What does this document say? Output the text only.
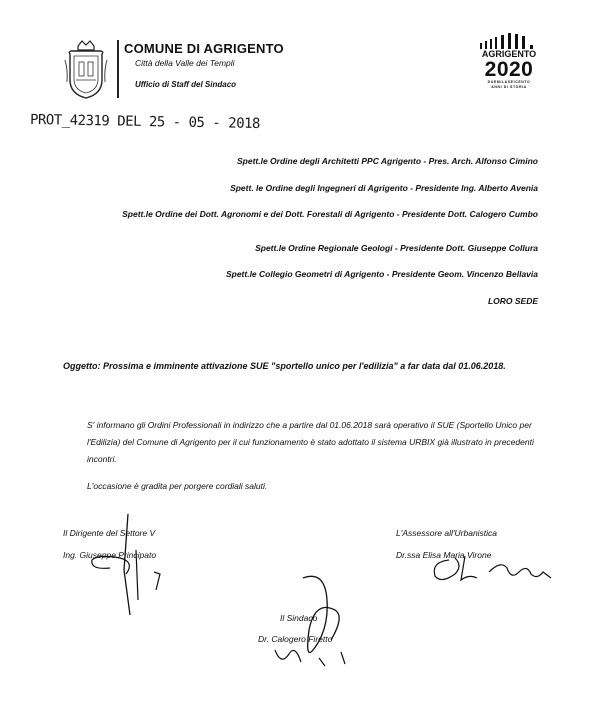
COMUNE DI AGRIGENTO
Città della Valle dei Templi
Ufficio di Staff del Sindaco
AGRIGENTO
2020
DUEMILASEICENTO
ANNI DI STORIA
PROT_42319 DEL 25 - 05 - 2018
Spett.le Ordine degli Architetti PPC Agrigento - Pres. Arch. Alfonso Cimino
Spett. le Ordine degli Ingegneri di Agrigento - Presidente Ing. Alberto Avenia
Spett.le Ordine dei Dott. Agronomi e dei Dott. Forestali di Agrigento - Presidente Dott. Calogero Cumbo
Spett.le Ordine Regionale Geologi - Presidente Dott. Giuseppe Collura
Spett.le Collegio Geometri di Agrigento - Presidente Geom. Vincenzo Bellavia
LORO SEDE
Oggetto: Prossima e imminente attivazione SUE "sportello unico per l'edilizia" a far data dal 01.06.2018.
S' informano gli Ordini Professionali in indirizzo che a partire dal 01.06.2018 sarà operativo il SUE (Sportello Unico per l'Edilizia) del Comune di Agrigento per il cui funzionamento è stato adottato il sistema URBIX già illustrato in precedenti incontri.
L'occasione è gradita per porgere cordiali saluti.
Il Dirigente del Settore V
Ing. Giuseppe Principato
L'Assessore all'Urbanistica
Dr.ssa Elisa Maria Virone
Il Sindaco
Dr. Calogero Firetto
